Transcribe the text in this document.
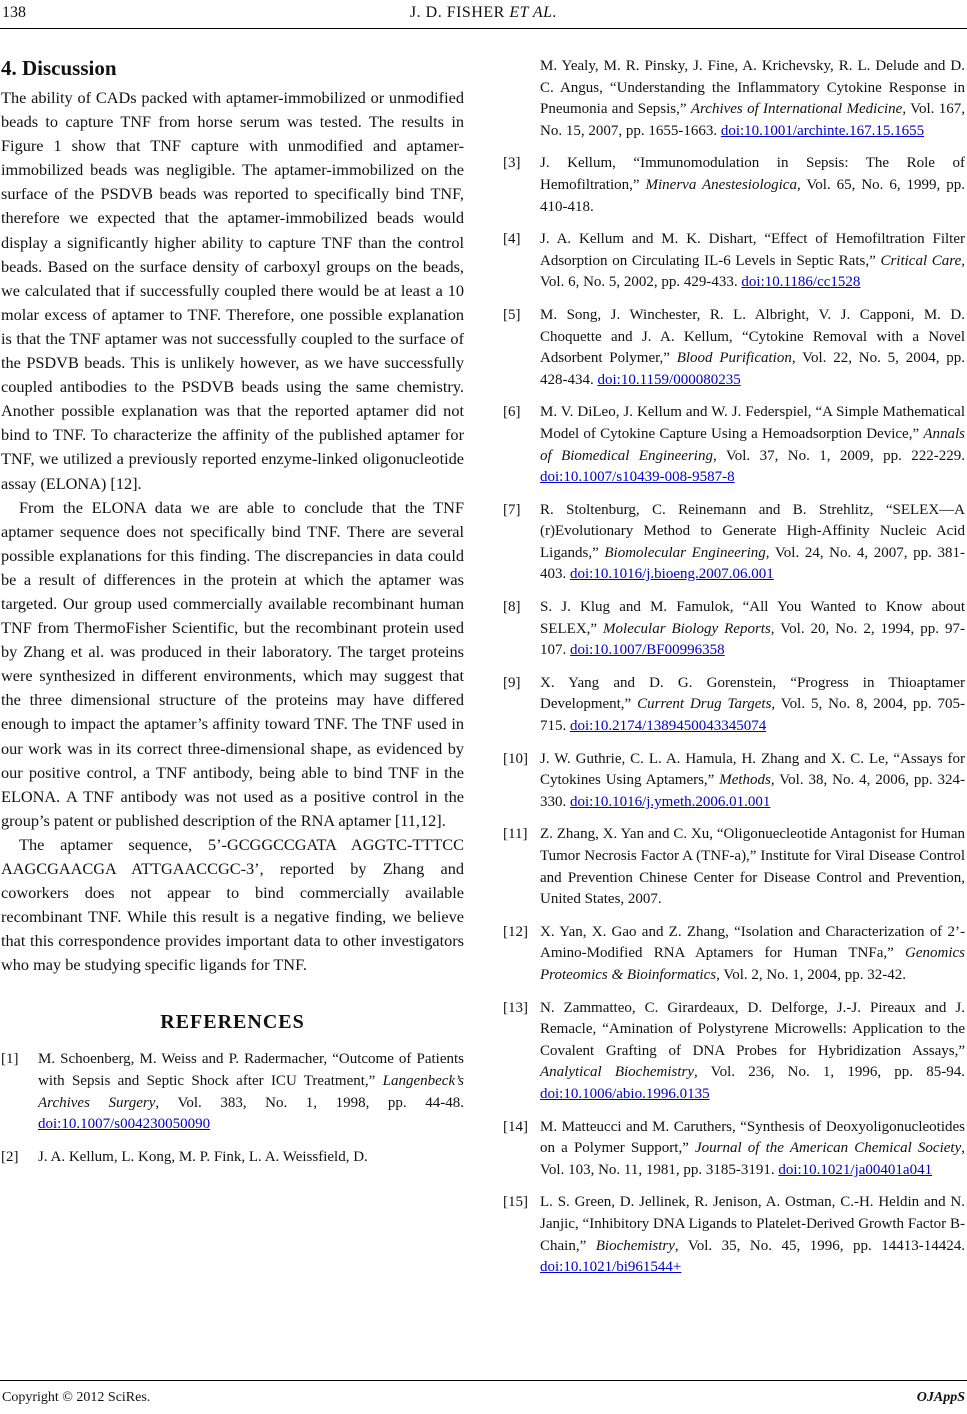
138	J. D. FISHER ET AL.
4. Discussion

The ability of CADs packed with aptamer-immobilized or unmodified beads to capture TNF from horse serum was tested. The results in Figure 1 show that TNF capture with unmodified and aptamer-immobilized beads was negligible. The aptamer-immobilized on the surface of the PSDVB beads was reported to specifically bind TNF, therefore we expected that the aptamer-immobilized beads would display a significantly higher ability to capture TNF than the control beads. Based on the surface density of carboxyl groups on the beads, we calculated that if successfully coupled there would be at least a 10 molar excess of aptamer to TNF. Therefore, one possible explanation is that the TNF aptamer was not successfully coupled to the surface of the PSDVB beads. This is unlikely however, as we have successfully coupled antibodies to the PSDVB beads using the same chemistry. Another possible explanation was that the reported aptamer did not bind to TNF. To characterize the affinity of the published aptamer for TNF, we utilized a previously reported enzyme-linked oligonucleotide assay (ELONA) [12].

From the ELONA data we are able to conclude that the TNF aptamer sequence does not specifically bind TNF. There are several possible explanations for this finding. The discrepancies in data could be a result of differences in the protein at which the aptamer was targeted. Our group used commercially available recombinant human TNF from ThermoFisher Scientific, but the recombinant protein used by Zhang et al. was produced in their laboratory. The target proteins were synthesized in different environments, which may suggest that the three dimensional structure of the proteins may have differed enough to impact the aptamer’s affinity toward TNF. The TNF used in our work was in its correct three-dimensional shape, as evidenced by our positive control, a TNF antibody, being able to bind TNF in the ELONA. A TNF antibody was not used as a positive control in the group’s patent or published description of the RNA aptamer [11,12].

The aptamer sequence, 5’-GCGGCCGATA AGGTC-TTTCC AAGCGAACGA ATTGAACCGC-3’, reported by Zhang and coworkers does not appear to bind commercially available recombinant TNF. While this result is a negative finding, we believe that this correspondence provides important data to other investigators who may be studying specific ligands for TNF.

REFERENCES
[1]	M. Schoenberg, M. Weiss and P. Radermacher, “Outcome of Patients with Sepsis and Septic Shock after ICU Treatment,” Langenbeck’s Archives Surgery, Vol. 383, No. 1, 1998, pp. 44-48. doi:10.1007/s004230050090
[2]	J. A. Kellum, L. Kong, M. P. Fink, L. A. Weissfield, D.
M. Yealy, M. R. Pinsky, J. Fine, A. Krichevsky, R. L. Delude and D. C. Angus, “Understanding the Inflammatory Cytokine Response in Pneumonia and Sepsis,” Archives of International Medicine, Vol. 167, No. 15, 2007, pp. 1655-1663. doi:10.1001/archinte.167.15.1655
[3]	J. Kellum, “Immunomodulation in Sepsis: The Role of Hemofiltration,” Minerva Anestesiologica, Vol. 65, No. 6, 1999, pp. 410-418.
[4]	J. A. Kellum and M. K. Dishart, “Effect of Hemofiltration Filter Adsorption on Circulating IL-6 Levels in Septic Rats,” Critical Care, Vol. 6, No. 5, 2002, pp. 429-433. doi:10.1186/cc1528
[5]	M. Song, J. Winchester, R. L. Albright, V. J. Capponi, M. D. Choquette and J. A. Kellum, “Cytokine Removal with a Novel Adsorbent Polymer,” Blood Purification, Vol. 22, No. 5, 2004, pp. 428-434. doi:10.1159/000080235
[6]	M. V. DiLeo, J. Kellum and W. J. Federspiel, “A Simple Mathematical Model of Cytokine Capture Using a Hemoadsorption Device,” Annals of Biomedical Engineering, Vol. 37, No. 1, 2009, pp. 222-229. doi:10.1007/s10439-008-9587-8
[7]	R. Stoltenburg, C. Reinemann and B. Strehlitz, “SELEX—A (r)Evolutionary Method to Generate High-Affinity Nucleic Acid Ligands,” Biomolecular Engineering, Vol. 24, No. 4, 2007, pp. 381-403. doi:10.1016/j.bioeng.2007.06.001
[8]	S. J. Klug and M. Famulok, “All You Wanted to Know about SELEX,” Molecular Biology Reports, Vol. 20, No. 2, 1994, pp. 97-107. doi:10.1007/BF00996358
[9]	X. Yang and D. G. Gorenstein, “Progress in Thioaptamer Development,” Current Drug Targets, Vol. 5, No. 8, 2004, pp. 705-715. doi:10.2174/1389450043345074
[10] J. W. Guthrie, C. L. A. Hamula, H. Zhang and X. C. Le, “Assays for Cytokines Using Aptamers,” Methods, Vol. 38, No. 4, 2006, pp. 324-330. doi:10.1016/j.ymeth.2006.01.001
[11] Z. Zhang, X. Yan and C. Xu, “Oligonuecleotide Antagonist for Human Tumor Necrosis Factor A (TNF-a),” Institute for Viral Disease Control and Prevention Chinese Center for Disease Control and Prevention, United States, 2007.
[12] X. Yan, X. Gao and Z. Zhang, “Isolation and Characterization of 2’-Amino-Modified RNA Aptamers for Human TNFa,” Genomics Proteomics & Bioinformatics, Vol. 2, No. 1, 2004, pp. 32-42.
[13] N. Zammatteo, C. Girardeaux, D. Delforge, J.-J. Pireaux and J. Remacle, “Amination of Polystyrene Microwells: Application to the Covalent Grafting of DNA Probes for Hybridization Assays,” Analytical Biochemistry, Vol. 236, No. 1, 1996, pp. 85-94. doi:10.1006/abio.1996.0135
[14] M. Matteucci and M. Caruthers, “Synthesis of Deoxyoligonucleotides on a Polymer Support,” Journal of the American Chemical Society, Vol. 103, No. 11, 1981, pp. 3185-3191. doi:10.1021/ja00401a041
[15] L. S. Green, D. Jellinek, R. Jenison, A. Ostman, C.-H. Heldin and N. Janjic, “Inhibitory DNA Ligands to Platelet-Derived Growth Factor B-Chain,” Biochemistry, Vol. 35, No. 45, 1996, pp. 14413-14424. doi:10.1021/bi961544+
Copyright © 2012 SciRes.	OJAppS
